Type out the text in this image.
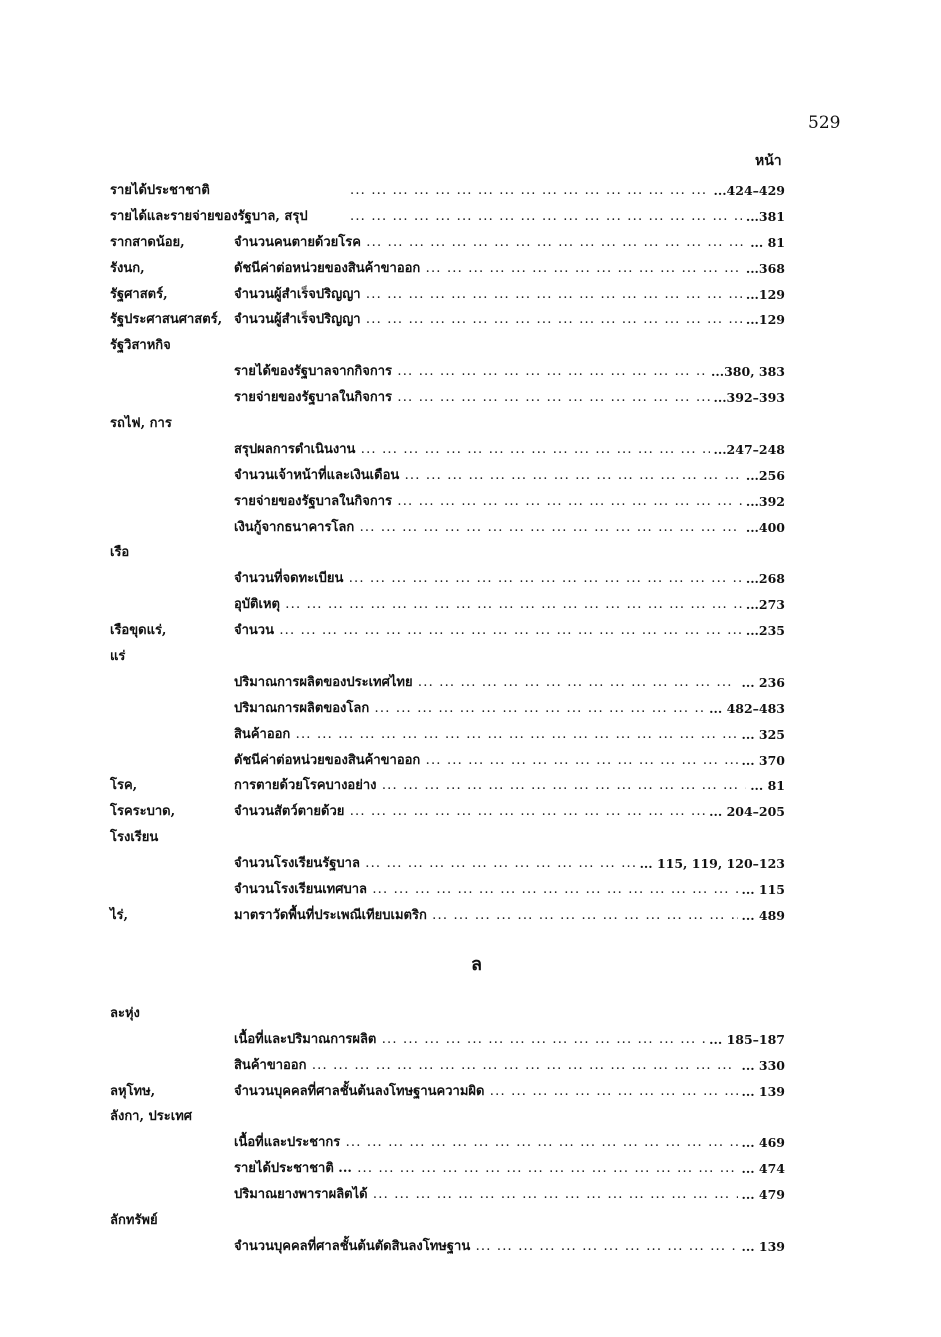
529
หน้า
รายได้ประชาชาติ ... .	...424–429
รายได้และรายจ่ายของรัฐบาล, สรุป ... .	...381
รากสาดน้อย,	จำนวนคนตายด้วยโรค ... .	... 81
รังนก,	ดัชนีค่าต่อหน่วยของสินค้าขาออก ... .	...368
รัฐศาสตร์,	จำนวนผู้สำเร็จปริญญา ... .	...129
รัฐประศาสนศาสตร์, จำนวนผู้สำเร็จปริญญา ... .	...129
รัฐวิสาหกิจ
รายได้ของรัฐบาลจากกิจการ ... .	...380, 383
รายจ่ายของรัฐบาลในกิจการ ... .	...392–393
รถไฟ, การ
สรุปผลการดำเนินงาน ... .	...247–248
จำนวนเจ้าหน้าที่และเงินเดือน ... .	...256
รายจ่ายของรัฐบาลในกิจการ ... .	...392
เงินกู้จากธนาคารโลก ... .	...400
เรือ
จำนวนที่จดทะเบียน ... .	...268
อุบัติเหตุ ... .	...273
เรือขุดแร่,	จำนวน ... .	...235
แร่
ปริมาณการผลิตของประเทศไทย ... .	... 236
ปริมาณการผลิตของโลก ... .	... 482–483
สินค้าออก ... .	... 325
ดัชนีค่าต่อหน่วยของสินค้าขาออก ... .	... 370
โรค,	การตายด้วยโรคบางอย่าง ... .	... 81
โรคระบาด,	จำนวนสัตว์ตายด้วย ... .	... 204–205
โรงเรียน
จำนวนโรงเรียนรัฐบาล ... .	... 115, 119, 120–123
จำนวนโรงเรียนเทศบาล ... .	... 115
ไร่,	มาตราวัดพื้นที่ประเพณีเทียบเมตริก ... .	... 489
ล
ละหุ่ง
เนื้อที่และปริมาณการผลิต ... .	... 185–187
สินค้าขาออก ... .	... 330
ลหุโทษ,	จำนวนบุคคลที่ศาลชั้นต้นลงโทษฐานความผิด ... .	... 139
ลังกา, ประเทศ
เนื้อที่และประชากร ... .	... 469
รายได้ประชาชาติ ... ... .	... 474
ปริมาณยางพาราผลิตได้ ... .	... 479
ลักทรัพย์
จำนวนบุคคลที่ศาลชั้นต้นตัดสินลงโทษฐาน ... .	... 139
